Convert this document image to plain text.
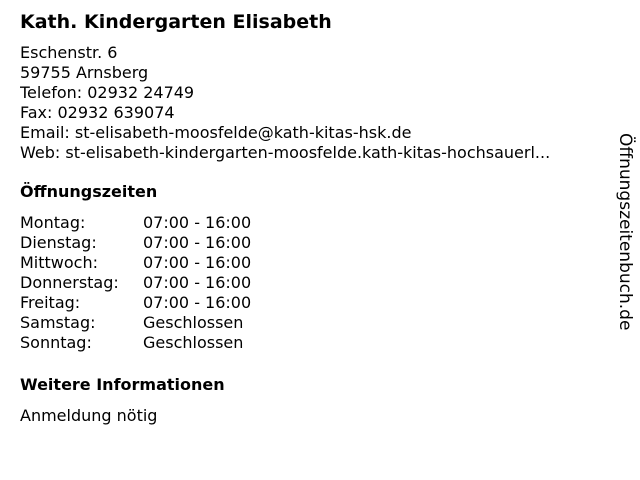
Kath. Kindergarten Elisabeth
Eschenstr. 6
59755 Arnsberg
Telefon: 02932 24749
Fax: 02932 639074
Email: st-elisabeth-moosfelde@kath-kitas-hsk.de
Web: st-elisabeth-kindergarten-moosfelde.kath-kitas-hochsauerl...
Öffnungszeiten
Montag:	07:00 - 16:00
Dienstag:	07:00 - 16:00
Mittwoch:	07:00 - 16:00
Donnerstag:	07:00 - 16:00
Freitag:	07:00 - 16:00
Samstag:	Geschlossen
Sonntag:	Geschlossen
Weitere Informationen
Anmeldung nötig
Öffnungszeitenbuch.de
